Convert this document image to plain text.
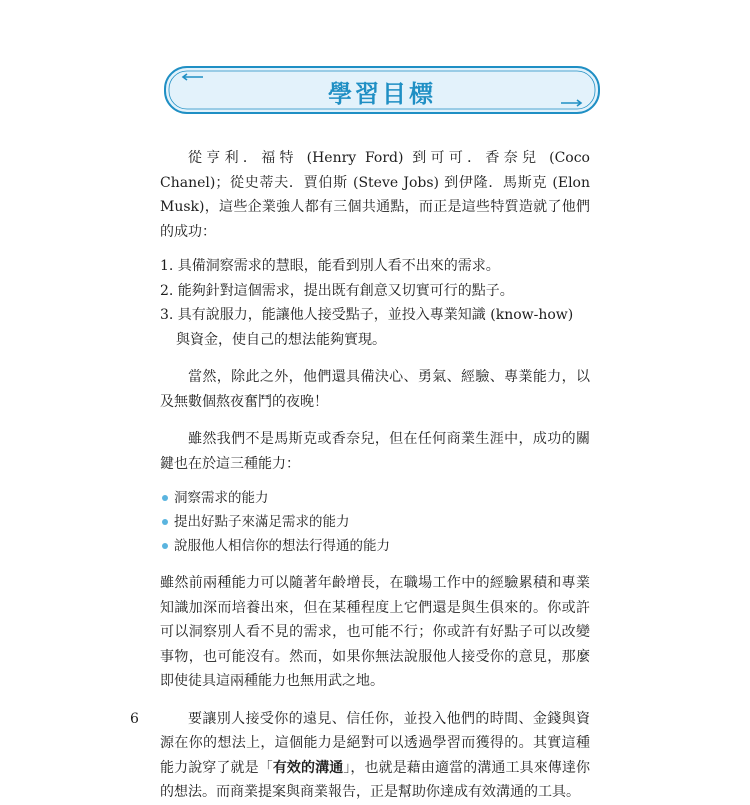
學習目標

從亨利．福特 (Henry Ford) 到可可．香奈兒 (Coco Chanel)；從史蒂夫．賈伯斯 (Steve Jobs) 到伊隆．馬斯克 (Elon Musk)，這些企業強人都有三個共通點，而正是這些特質造就了他們的成功：

1. 具備洞察需求的慧眼，能看到別人看不出來的需求。
2. 能夠針對這個需求，提出既有創意又切實可行的點子。
3. 具有說服力，能讓他人接受點子，並投入專業知識 (know-how) 與資金，使自己的想法能夠實現。

當然，除此之外，他們還具備決心、勇氣、經驗、專業能力，以及無數個熬夜奮鬥的夜晚！

雖然我們不是馬斯克或香奈兒，但在任何商業生涯中，成功的關鍵也在於這三種能力：

洞察需求的能力
提出好點子來滿足需求的能力
說服他人相信你的想法行得通的能力

雖然前兩種能力可以隨著年齡增長，在職場工作中的經驗累積和專業知識加深而培養出來，但在某種程度上它們還是與生俱來的。你或許可以洞察別人看不見的需求，也可能不行；你或許有好點子可以改變事物，也可能沒有。然而，如果你無法說服他人接受你的意見，那麼即使徒具這兩種能力也無用武之地。

要讓別人接受你的遠見、信任你，並投入他們的時間、金錢與資源在你的想法上，這個能力是絕對可以透過學習而獲得的。其實這種能力說穿了就是「有效的溝通」，也就是藉由適當的溝通工具來傳達你的想法。而商業提案與商業報告，正是幫助你達成有效溝通的工具。

6
